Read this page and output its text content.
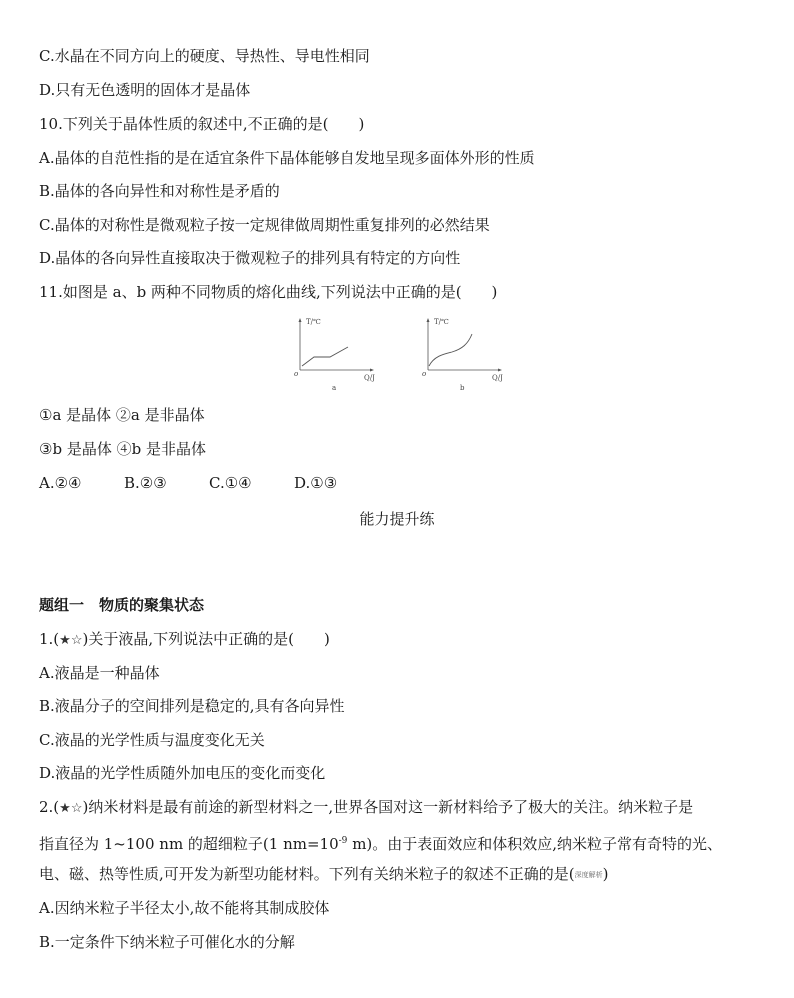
C.水晶在不同方向上的硬度、导热性、导电性相同
D.只有无色透明的固体才是晶体
10.下列关于晶体性质的叙述中,不正确的是(　　)
A.晶体的自范性指的是在适宜条件下晶体能够自发地呈现多面体外形的性质
B.晶体的各向异性和对称性是矛盾的
C.晶体的对称性是微观粒子按一定规律做周期性重复排列的必然结果
D.晶体的各向异性直接取决于微观粒子的排列具有特定的方向性
11.如图是 a、b 两种不同物质的熔化曲线,下列说法中正确的是(　　)
T/℃
o	Q/J
a
T/℃
o	Q/J
b
①a 是晶体 ②a 是非晶体
③b 是晶体 ④b 是非晶体
A.②④	B.②③	C.①④	D.①③
能力提升练
题组一　物质的聚集状态
1.(★☆)关于液晶,下列说法中正确的是(　　)
A.液晶是一种晶体
B.液晶分子的空间排列是稳定的,具有各向异性
C.液晶的光学性质与温度变化无关
D.液晶的光学性质随外加电压的变化而变化
2.(★☆)纳米材料是最有前途的新型材料之一,世界各国对这一新材料给予了极大的关注。纳米粒子是
指直径为 1~100 nm 的超细粒子(1 $nm=10^{-9}$ m)。由于表面效应和体积效应,纳米粒子常有奇特的光、
电、磁、热等性质,可开发为新型功能材料。下列有关纳米粒子的叙述不正确的是(深度解析)
A.因纳米粒子半径太小,故不能将其制成胶体
B.一定条件下纳米粒子可催化水的分解
